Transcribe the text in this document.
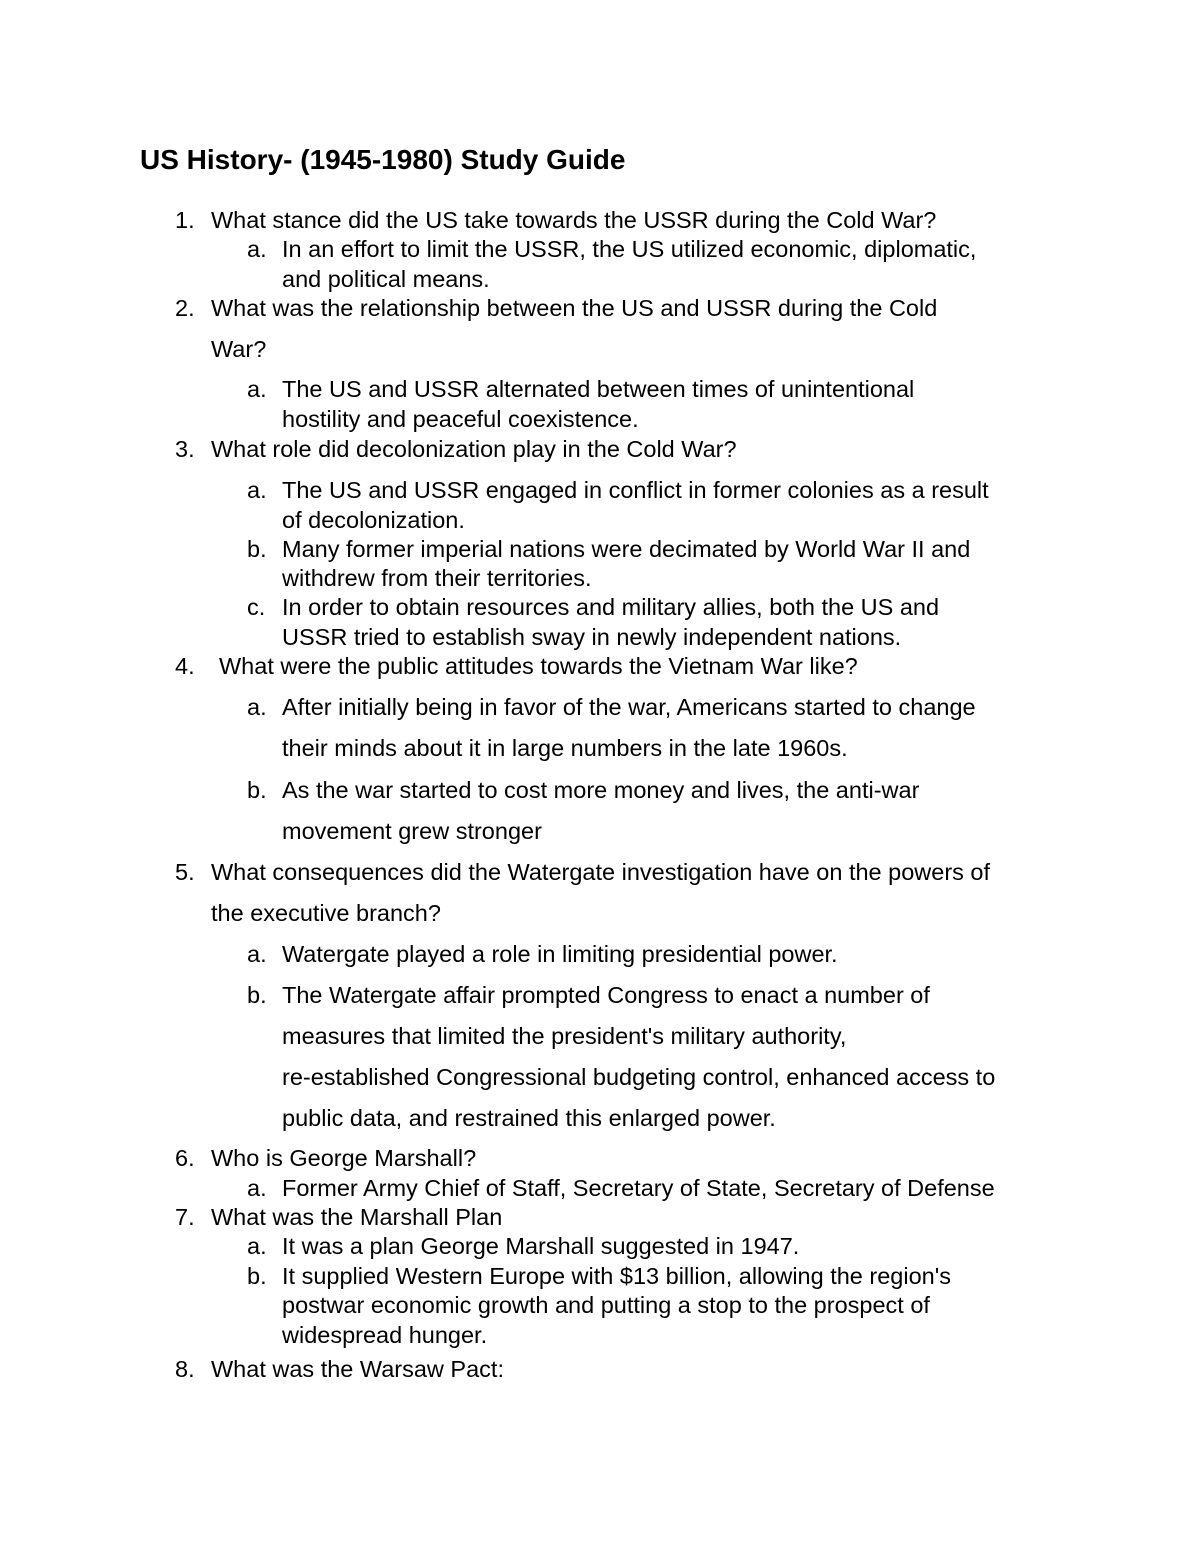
US History- (1945-1980) Study Guide
1. What stance did the US take towards the USSR during the Cold War?
a. In an effort to limit the USSR, the US utilized economic, diplomatic,
and political means.
2. What was the relationship between the US and USSR during the Cold
War?
a. The US and USSR alternated between times of unintentional
hostility and peaceful coexistence.
3. What role did decolonization play in the Cold War?
a. The US and USSR engaged in conflict in former colonies as a result
of decolonization.
b. Many former imperial nations were decimated by World War II and
withdrew from their territories.
c. In order to obtain resources and military allies, both the US and
USSR tried to establish sway in newly independent nations.
4. What were the public attitudes towards the Vietnam War like?
a. After initially being in favor of the war, Americans started to change
their minds about it in large numbers in the late 1960s.
b. As the war started to cost more money and lives, the anti-war
movement grew stronger
5. What consequences did the Watergate investigation have on the powers of
the executive branch?
a. Watergate played a role in limiting presidential power.
b. The Watergate affair prompted Congress to enact a number of
measures that limited the president's military authority,
re-established Congressional budgeting control, enhanced access to
public data, and restrained this enlarged power.
6. Who is George Marshall?
a. Former Army Chief of Staff, Secretary of State, Secretary of Defense
7. What was the Marshall Plan
a. It was a plan George Marshall suggested in 1947.
b. It supplied Western Europe with $13 billion, allowing the region's
postwar economic growth and putting a stop to the prospect of
widespread hunger.
8. What was the Warsaw Pact:
